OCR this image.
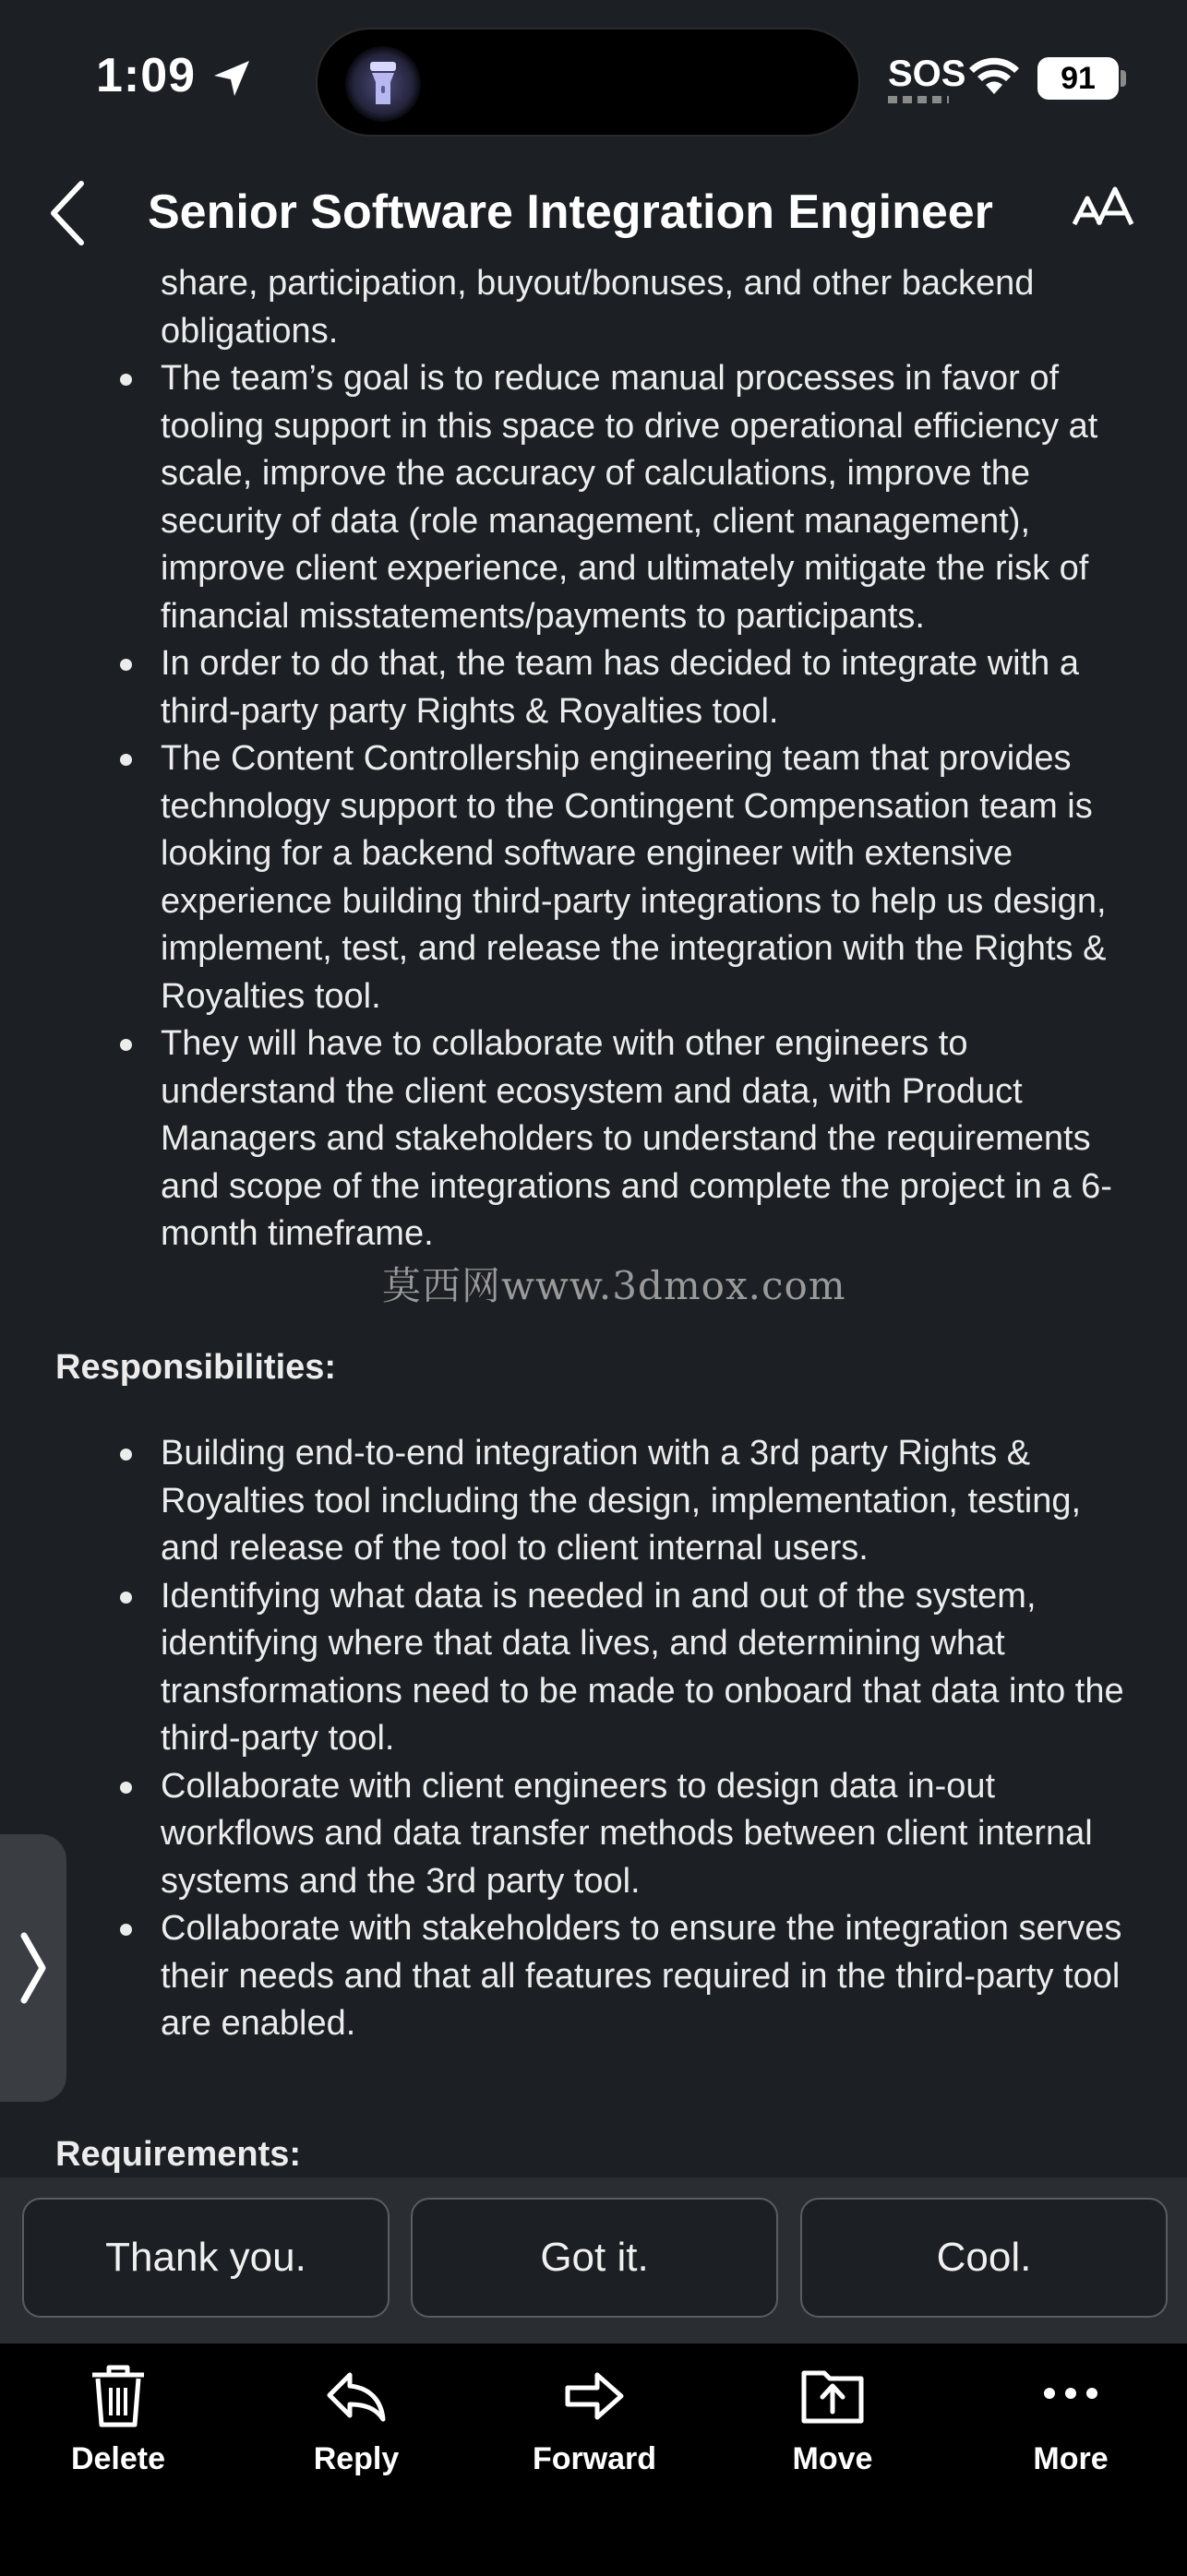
1:09	SOS	91
Senior Software Integration Engineer
share, participation, buyout/bonuses, and other backend obligations.
The team’s goal is to reduce manual processes in favor of tooling support in this space to drive operational efficiency at scale, improve the accuracy of calculations, improve the security of data (role management, client management), improve client experience, and ultimately mitigate the risk of financial misstatements/payments to participants.
In order to do that, the team has decided to integrate with a third-party party Rights & Royalties tool.
The Content Controllership engineering team that provides technology support to the Contingent Compensation team is looking for a backend software engineer with extensive experience building third-party integrations to help us design, implement, test, and release the integration with the Rights & Royalties tool.
They will have to collaborate with other engineers to understand the client ecosystem and data, with Product Managers and stakeholders to understand the requirements and scope of the integrations and complete the project in a 6-month timeframe.
莫西网www.3dmox.com
Responsibilities:
Building end-to-end integration with a 3rd party Rights & Royalties tool including the design, implementation, testing, and release of the tool to client internal users.
Identifying what data is needed in and out of the system, identifying where that data lives, and determining what transformations need to be made to onboard that data into the third-party tool.
Collaborate with client engineers to design data in-out workflows and data transfer methods between client internal systems and the 3rd party tool.
Collaborate with stakeholders to ensure the integration serves their needs and that all features required in the third-party tool are enabled.
Requirements:
Thank you.	Got it.	Cool.
Delete	Reply	Forward	Move	More
